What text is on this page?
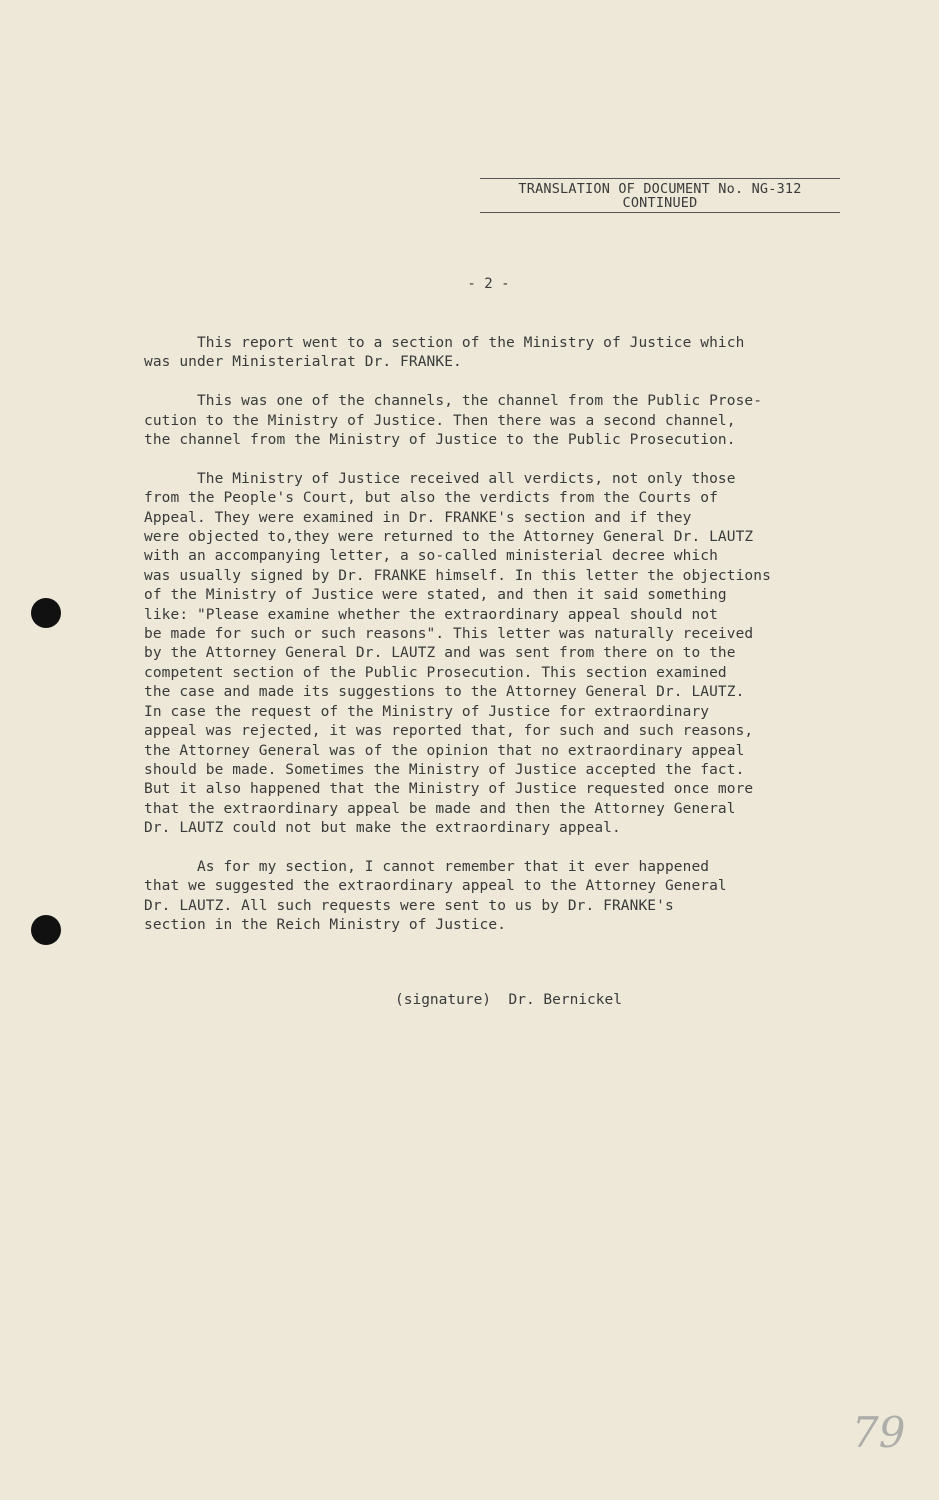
TRANSLATION OF DOCUMENT No. NG-312
CONTINUED
- 2 -

This report went to a section of the Ministry of Justice which
was under Ministerialrat Dr. FRANKE.

This was one of the channels, the channel from the Public Prose-
cution to the Ministry of Justice. Then there was a second channel,
the channel from the Ministry of Justice to the Public Prosecution.

The Ministry of Justice received all verdicts, not only those
from the People's Court, but also the verdicts from the Courts of
Appeal. They were examined in Dr. FRANKE's section and if they
were objected to,they were returned to the Attorney General Dr. LAUTZ
with an accompanying letter, a so-called ministerial decree which
was usually signed by Dr. FRANKE himself. In this letter the objections
of the Ministry of Justice were stated, and then it said something
like: "Please examine whether the extraordinary appeal should not
be made for such or such reasons". This letter was naturally received
by the Attorney General Dr. LAUTZ and was sent from there on to the
competent section of the Public Prosecution. This section examined
the case and made its suggestions to the Attorney General Dr. LAUTZ.
In case the request of the Ministry of Justice for extraordinary
appeal was rejected, it was reported that, for such and such reasons,
the Attorney General was of the opinion that no extraordinary appeal
should be made. Sometimes the Ministry of Justice accepted the fact.
But it also happened that the Ministry of Justice requested once more
that the extraordinary appeal be made and then the Attorney General
Dr. LAUTZ could not but make the extraordinary appeal.

As for my section, I cannot remember that it ever happened
that we suggested the extraordinary appeal to the Attorney General
Dr. LAUTZ. All such requests were sent to us by Dr. FRANKE's
section in the Reich Ministry of Justice.

(signature)  Dr. Bernickel
79
